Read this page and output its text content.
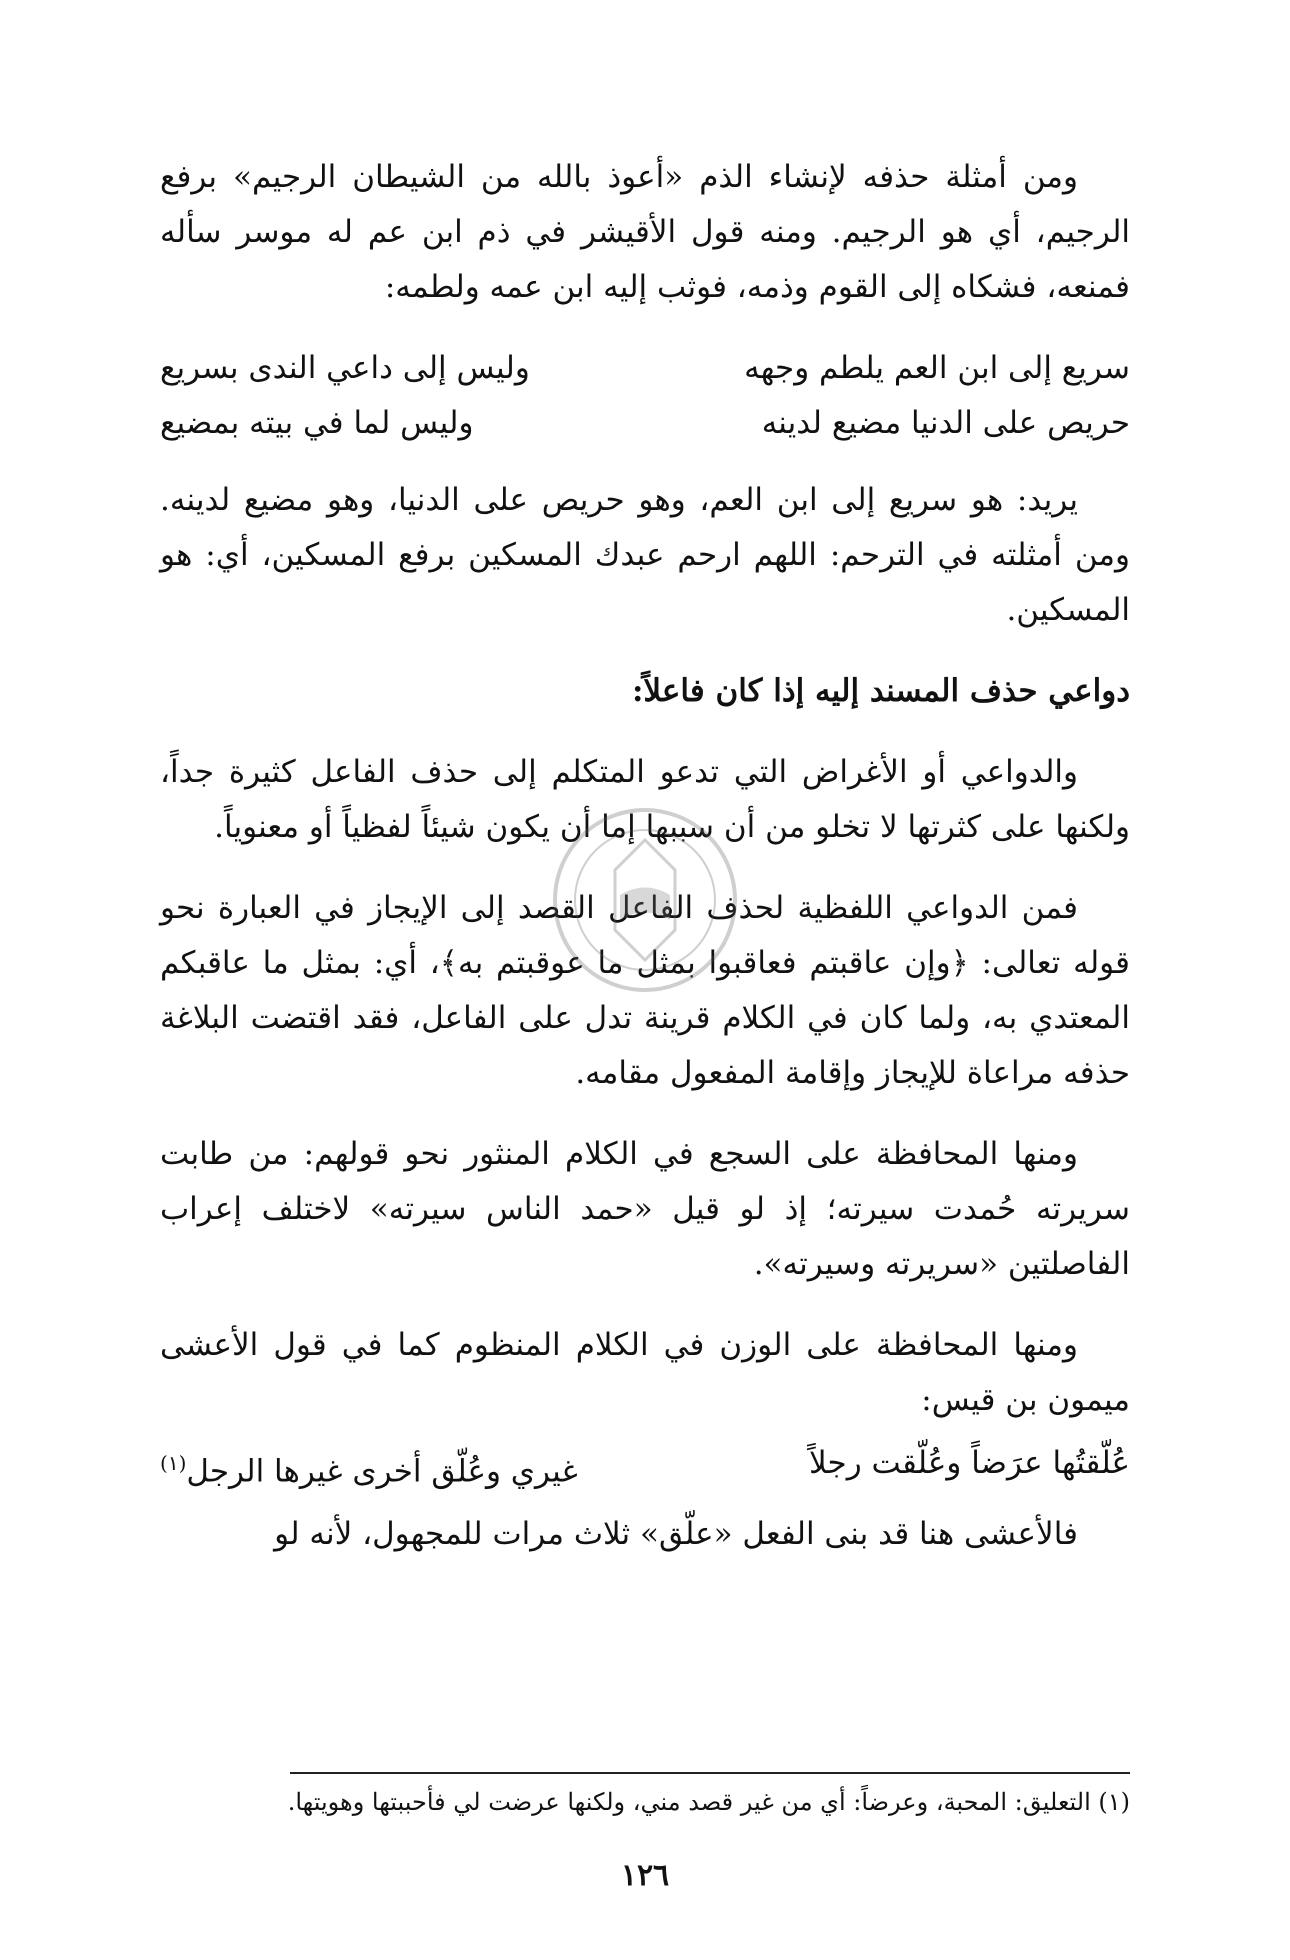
ومن أمثلة حذفه لإنشاء الذم «أعوذ بالله من الشيطان الرجيم» برفع الرجيم، أي هو الرجيم. ومنه قول الأقيشر في ذم ابن عم له موسر سأله فمنعه، فشكاه إلى القوم وذمه، فوثب إليه ابن عمه ولطمه:

سريع إلى ابن العم يلطم وجهه
وليس إلى داعي الندى بسريع
حريص على الدنيا مضيع لدينه
وليس لما في بيته بمضيع

يريد: هو سريع إلى ابن العم، وهو حريص على الدنيا، وهو مضيع لدينه. ومن أمثلته في الترحم: اللهم ارحم عبدك المسكين برفع المسكين، أي: هو المسكين.

دواعي حذف المسند إليه إذا كان فاعلاً:

والدواعي أو الأغراض التي تدعو المتكلم إلى حذف الفاعل كثيرة جداً، ولكنها على كثرتها لا تخلو من أن سببها إما أن يكون شيئاً لفظياً أو معنوياً.

فمن الدواعي اللفظية لحذف الفاعل القصد إلى الإيجاز في العبارة نحو قوله تعالى: ﴿وإن عاقبتم فعاقبوا بمثل ما عوقبتم به﴾، أي: بمثل ما عاقبكم المعتدي به، ولما كان في الكلام قرينة تدل على الفاعل، فقد اقتضت البلاغة حذفه مراعاة للإيجاز وإقامة المفعول مقامه.

ومنها المحافظة على السجع في الكلام المنثور نحو قولهم: من طابت سريرته حُمدت سيرته؛ إذ لو قيل «حمد الناس سيرته» لاختلف إعراب الفاصلتين «سريرته وسيرته».

ومنها المحافظة على الوزن في الكلام المنظوم كما في قول الأعشى ميمون بن قيس:

عُلّقتُها عرَضاً وعُلّقت رجلاً
غيري وعُلّق أخرى غيرها الرجل$^{(١)}$

فالأعشى هنا قد بنى الفعل «علّق» ثلاث مرات للمجهول، لأنه لو

(١) التعليق: المحبة، وعرضاً: أي من غير قصد مني، ولكنها عرضت لي فأحببتها وهويتها.
١٢٦
